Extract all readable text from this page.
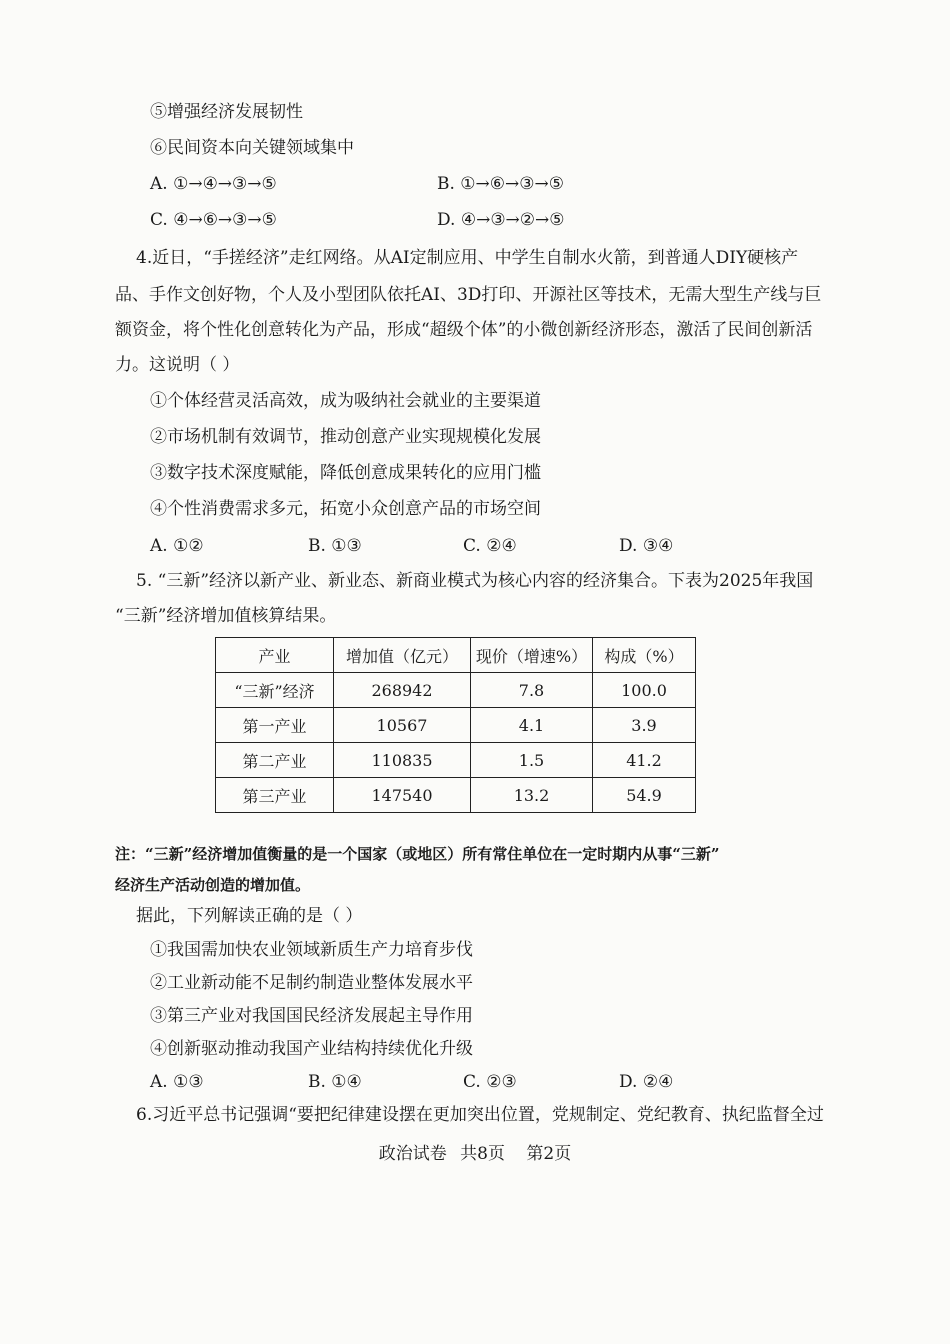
⑤增强经济发展韧性
⑥民间资本向关键领域集中
A. ①→④→③→⑤	B. ①→⑥→③→⑤
C. ④→⑥→③→⑤	D. ④→③→②→⑤
4.近日，“手搓经济”走红网络。从AI定制应用、中学生自制水火箭，到普通人DIY硬核产
品、手作文创好物，个人及小型团队依托AI、3D打印、开源社区等技术，无需大型生产线与巨
额资金，将个性化创意转化为产品，形成“超级个体”的小微创新经济形态，激活了民间创新活
力。这说明（ ）
①个体经营灵活高效，成为吸纳社会就业的主要渠道
②市场机制有效调节，推动创意产业实现规模化发展
③数字技术深度赋能，降低创意成果转化的应用门槛
④个性消费需求多元，拓宽小众创意产品的市场空间
A. ①②	B. ①③	C. ②④	D. ③④
5. “三新”经济以新产业、新业态、新商业模式为核心内容的经济集合。下表为2025年我国
“三新”经济增加值核算结果。
产业	增加值（亿元）	现价（增速%）	构成（%）
“三新”经济	268942	7.8	100.0
第一产业	10567	4.1	3.9
第二产业	110835	1.5	41.2
第三产业	147540	13.2	54.9
注：“三新”经济增加值衡量的是一个国家（或地区）所有常住单位在一定时期内从事“三新”
经济生产活动创造的增加值。
据此，下列解读正确的是（ ）
①我国需加快农业领域新质生产力培育步伐
②工业新动能不足制约制造业整体发展水平
③第三产业对我国国民经济发展起主导作用
④创新驱动推动我国产业结构持续优化升级
A. ①③	B. ①④	C. ②③	D. ②④
6.习近平总书记强调“要把纪律建设摆在更加突出位置，党规制定、党纪教育、执纪监督全过
政治试卷 共8页 第2页
